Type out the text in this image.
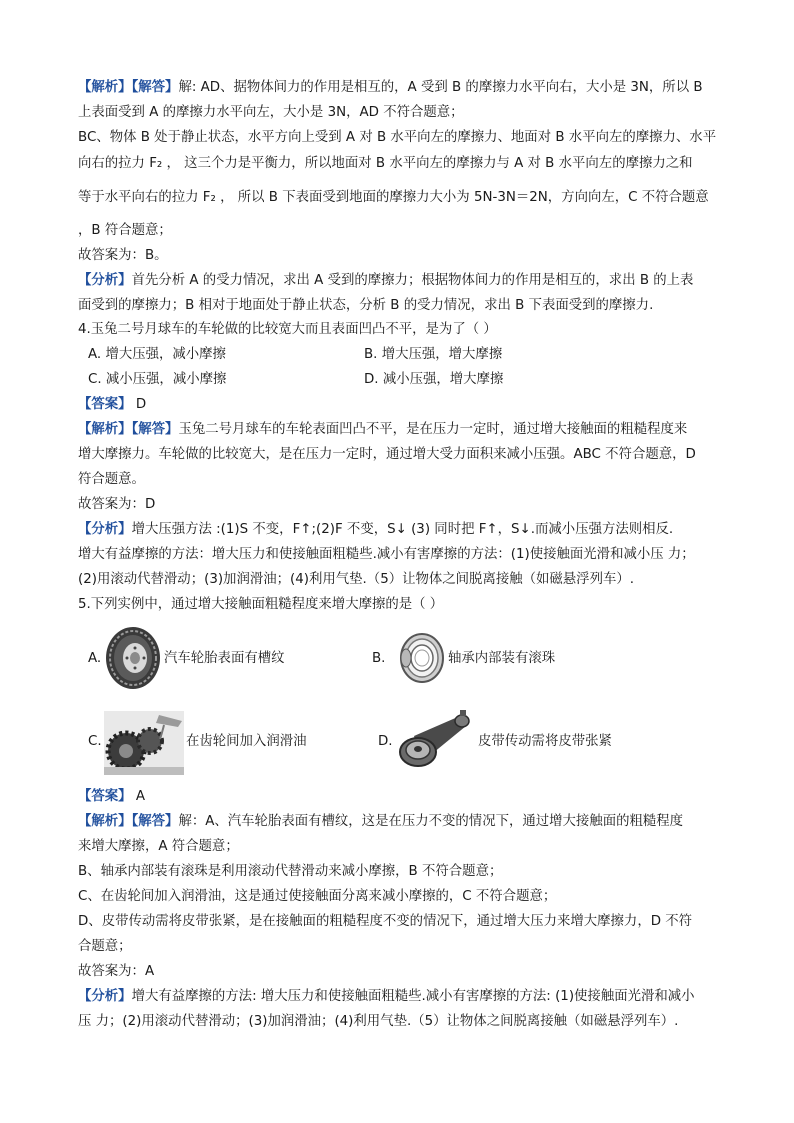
【解析】【解答】解: AD、据物体间力的作用是相互的，A 受到 B 的摩擦力水平向右，大小是 3N，所以 B
上表面受到 A 的摩擦力水平向左，大小是 3N，AD 不符合题意；
BC、物体 B 处于静止状态，水平方向上受到 A 对 B 水平向左的摩擦力、地面对 B 水平向左的摩擦力、水平
向右的拉力 F₂ ， 这三个力是平衡力，所以地面对 B 水平向左的摩擦力与 A 对 B 水平向左的摩擦力之和
等于水平向右的拉力 F₂ ， 所以 B 下表面受到地面的摩擦力大小为 5N-3N＝2N，方向向左，C 不符合题意
，B 符合题意；
故答案为：B。
【分析】首先分析 A 的受力情况，求出 A 受到的摩擦力；根据物体间力的作用是相互的，求出 B 的上表
面受到的摩擦力；B 相对于地面处于静止状态，分析 B 的受力情况，求出 B 下表面受到的摩擦力.
4.玉兔二号月球车的车轮做的比较宽大而且表面凹凸不平，是为了（ ）
A. 增大压强，减小摩擦	B. 增大压强，增大摩擦
C. 减小压强，减小摩擦	D. 减小压强，增大摩擦
【答案】 D
【解析】【解答】玉兔二号月球车的车轮表面凹凸不平，是在压力一定时，通过增大接触面的粗糙程度来
增大摩擦力。车轮做的比较宽大，是在压力一定时，通过增大受力面积来减小压强。ABC 不符合题意，D
符合题意。
故答案为：D
【分析】增大压强方法 :(1)S 不变，F↑;(2)F 不变，S↓ (3) 同时把 F↑，S↓.而减小压强方法则相反.
增大有益摩擦的方法：增大压力和使接触面粗糙些.减小有害摩擦的方法：(1)使接触面光滑和减小压 力；
(2)用滚动代替滑动；(3)加润滑油；(4)利用气垫.（5）让物体之间脱离接触（如磁悬浮列车）.
5.下列实例中，通过增大接触面粗糙程度来增大摩擦的是（ ）
A.	汽车轮胎表面有槽纹	B.	轴承内部装有滚珠
C.	在齿轮间加入润滑油	D.	皮带传动需将皮带张紧
【答案】 A
【解析】【解答】解：A、汽车轮胎表面有槽纹，这是在压力不变的情况下，通过增大接触面的粗糙程度
来增大摩擦，A 符合题意；
B、轴承内部装有滚珠是利用滚动代替滑动来减小摩擦，B 不符合题意；
C、在齿轮间加入润滑油，这是通过使接触面分离来减小摩擦的，C 不符合题意；
D、皮带传动需将皮带张紧，是在接触面的粗糙程度不变的情况下，通过增大压力来增大摩擦力，D 不符
合题意；
故答案为：A
【分析】增大有益摩擦的方法: 增大压力和使接触面粗糙些.减小有害摩擦的方法: (1)使接触面光滑和减小
压 力；(2)用滚动代替滑动；(3)加润滑油；(4)利用气垫.（5）让物体之间脱离接触（如磁悬浮列车）.
